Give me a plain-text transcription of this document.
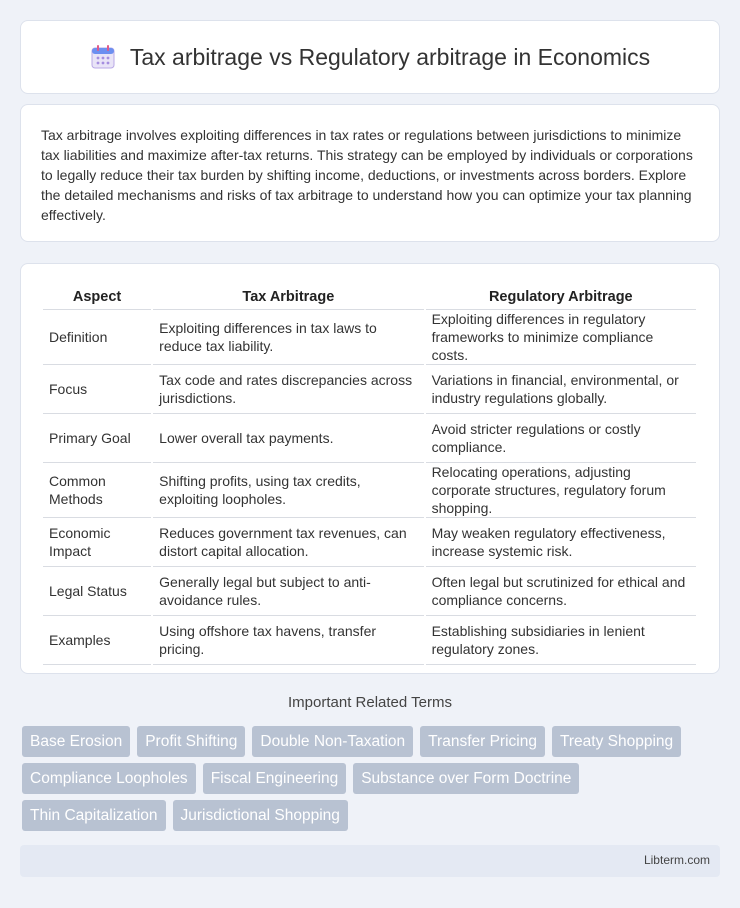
Tax arbitrage vs Regulatory arbitrage in Economics

Tax arbitrage involves exploiting differences in tax rates or regulations between jurisdictions to minimize tax liabilities and maximize after-tax returns. This strategy can be employed by individuals or corporations to legally reduce their tax burden by shifting income, deductions, or investments across borders. Explore the detailed mechanisms and risks of tax arbitrage to understand how you can optimize your tax planning effectively.

Aspect	Tax Arbitrage	Regulatory Arbitrage
Definition	Exploiting differences in tax laws to reduce tax liability.	Exploiting differences in regulatory frameworks to minimize compliance costs.
Focus	Tax code and rates discrepancies across jurisdictions.	Variations in financial, environmental, or industry regulations globally.
Primary Goal	Lower overall tax payments.	Avoid stricter regulations or costly compliance.
Common Methods	Shifting profits, using tax credits, exploiting loopholes.	Relocating operations, adjusting corporate structures, regulatory forum shopping.
Economic Impact	Reduces government tax revenues, can distort capital allocation.	May weaken regulatory effectiveness, increase systemic risk.
Legal Status	Generally legal but subject to anti-avoidance rules.	Often legal but scrutinized for ethical and compliance concerns.
Examples	Using offshore tax havens, transfer pricing.	Establishing subsidiaries in lenient regulatory zones.
Important Related Terms
Base Erosion	Profit Shifting	Double Non-Taxation	Transfer Pricing	Treaty Shopping
Compliance Loopholes	Fiscal Engineering	Substance over Form Doctrine
Thin Capitalization	Jurisdictional Shopping
Libterm.com
